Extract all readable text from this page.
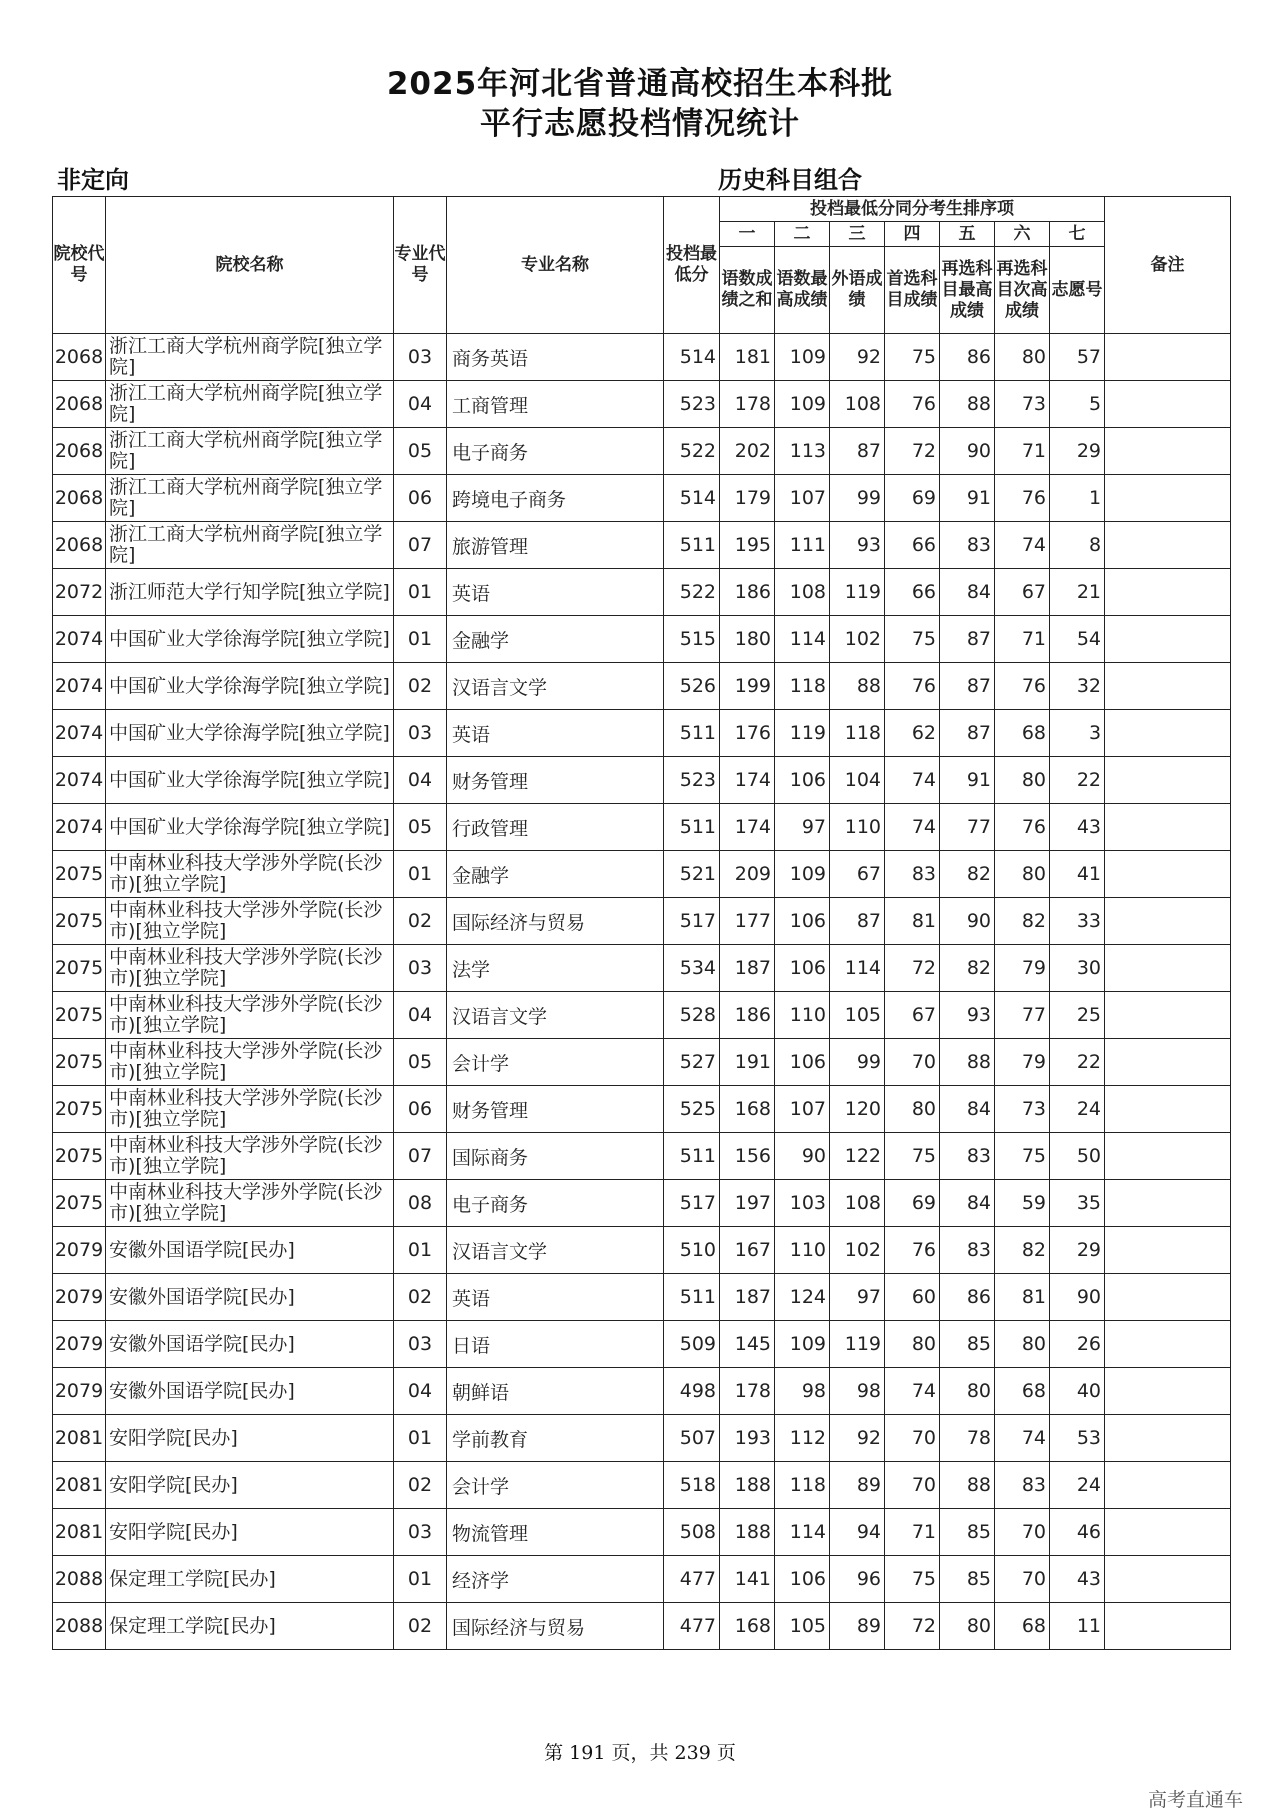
2025年河北省普通高校招生本科批
平行志愿投档情况统计
非定向	历史科目组合
院校代号	院校名称	专业代号	专业名称	投档最低分	投档最低分同分考生排序项							备注
					一	二	三	四	五	六	七	
					语数成绩之和	语数最高成绩	外语成绩	首选科目成绩	再选科目最高成绩	再选科目次高成绩	志愿号	
2068	浙江工商大学杭州商学院[独立学院]	03	商务英语	514	181	109	92	75	86	80	57	
2068	浙江工商大学杭州商学院[独立学院]	04	工商管理	523	178	109	108	76	88	73	5	
2068	浙江工商大学杭州商学院[独立学院]	05	电子商务	522	202	113	87	72	90	71	29	
2068	浙江工商大学杭州商学院[独立学院]	06	跨境电子商务	514	179	107	99	69	91	76	1	
2068	浙江工商大学杭州商学院[独立学院]	07	旅游管理	511	195	111	93	66	83	74	8	
2072	浙江师范大学行知学院[独立学院]	01	英语	522	186	108	119	66	84	67	21	
2074	中国矿业大学徐海学院[独立学院]	01	金融学	515	180	114	102	75	87	71	54	
2074	中国矿业大学徐海学院[独立学院]	02	汉语言文学	526	199	118	88	76	87	76	32	
2074	中国矿业大学徐海学院[独立学院]	03	英语	511	176	119	118	62	87	68	3	
2074	中国矿业大学徐海学院[独立学院]	04	财务管理	523	174	106	104	74	91	80	22	
2074	中国矿业大学徐海学院[独立学院]	05	行政管理	511	174	97	110	74	77	76	43	
2075	中南林业科技大学涉外学院(长沙市)[独立学院]	01	金融学	521	209	109	67	83	82	80	41	
2075	中南林业科技大学涉外学院(长沙市)[独立学院]	02	国际经济与贸易	517	177	106	87	81	90	82	33	
2075	中南林业科技大学涉外学院(长沙市)[独立学院]	03	法学	534	187	106	114	72	82	79	30	
2075	中南林业科技大学涉外学院(长沙市)[独立学院]	04	汉语言文学	528	186	110	105	67	93	77	25	
2075	中南林业科技大学涉外学院(长沙市)[独立学院]	05	会计学	527	191	106	99	70	88	79	22	
2075	中南林业科技大学涉外学院(长沙市)[独立学院]	06	财务管理	525	168	107	120	80	84	73	24	
2075	中南林业科技大学涉外学院(长沙市)[独立学院]	07	国际商务	511	156	90	122	75	83	75	50	
2075	中南林业科技大学涉外学院(长沙市)[独立学院]	08	电子商务	517	197	103	108	69	84	59	35	
2079	安徽外国语学院[民办]	01	汉语言文学	510	167	110	102	76	83	82	29	
2079	安徽外国语学院[民办]	02	英语	511	187	124	97	60	86	81	90	
2079	安徽外国语学院[民办]	03	日语	509	145	109	119	80	85	80	26	
2079	安徽外国语学院[民办]	04	朝鲜语	498	178	98	98	74	80	68	40	
2081	安阳学院[民办]	01	学前教育	507	193	112	92	70	78	74	53	
2081	安阳学院[民办]	02	会计学	518	188	118	89	70	88	83	24	
2081	安阳学院[民办]	03	物流管理	508	188	114	94	71	85	70	46	
2088	保定理工学院[民办]	01	经济学	477	141	106	96	75	85	70	43	
2088	保定理工学院[民办]	02	国际经济与贸易	477	168	105	89	72	80	68	11	
第 191 页，共 239 页
高考直通车
